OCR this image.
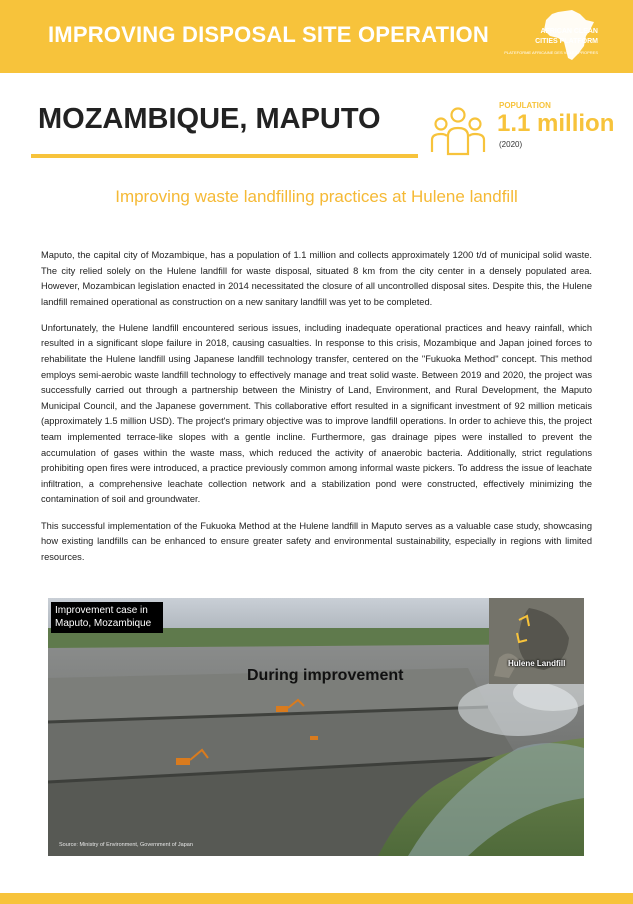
IMPROVING DISPOSAL SITE OPERATION	AFRICAN CLEAN
CITIES PLATFORM
PLATEFORME AFRICAINE DES VILLES PROPRES
MOZAMBIQUE, MAPUTO	POPULATION
1.1 million
(2020)
Improving waste landfilling practices at Hulene landfill

Maputo, the capital city of Mozambique, has a population of 1.1 million and collects approximately 1200 t/d of municipal solid waste. The city relied solely on the Hulene landfill for waste disposal, situated 8 km from the city center in a densely populated area. However, Mozambican legislation enacted in 2014 necessitated the closure of all uncontrolled disposal sites. Despite this, the Hulene landfill remained operational as construction on a new sanitary landfill was yet to be completed.

Unfortunately, the Hulene landfill encountered serious issues, including inadequate operational practices and heavy rainfall, which resulted in a significant slope failure in 2018, causing casualties. In response to this crisis, Mozambique and Japan joined forces to rehabilitate the Hulene landfill using Japanese landfill technology transfer, centered on the "Fukuoka Method" concept. This method employs semi-aerobic waste landfill technology to effectively manage and treat solid waste. Between 2019 and 2020, the project was successfully carried out through a partnership between the Ministry of Land, Environment, and Rural Development, the Maputo Municipal Council, and the Japanese government. This collaborative effort resulted in a significant investment of 92 million meticais (approximately 1.5 million USD). The project's primary objective was to improve landfill operations. In order to achieve this, the project team implemented terrace-like slopes with a gentle incline. Furthermore, gas drainage pipes were installed to prevent the accumulation of gases within the waste mass, which reduced the activity of anaerobic bacteria. Additionally, strict regulations prohibiting open fires were introduced, a practice previously common among informal waste pickers. To address the issue of leachate infiltration, a comprehensive leachate collection network and a stabilization pond were constructed, effectively minimizing the contamination of soil and groundwater.

This successful implementation of the Fukuoka Method at the Hulene landfill in Maputo serves as a valuable case study, showcasing how existing landfills can be enhanced to ensure greater safety and environmental sustainability, especially in regions with limited resources.

Improvement case in Maputo, Mozambique
During improvement
Hulene Landfill
Source: Ministry of Environment, Government of Japan
